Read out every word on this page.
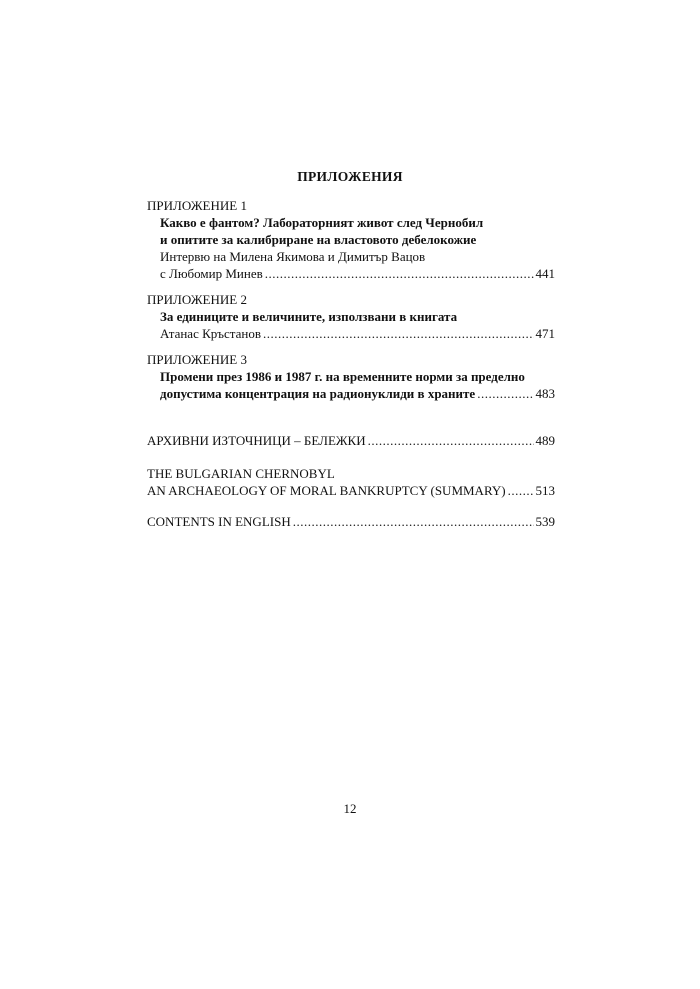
ПРИЛОЖЕНИЯ
ПРИЛОЖЕНИЕ 1
Какво е фантом? Лабораторният живот след Чернобил
и опитите за калибриране на властовото дебелокожие
Интервю на Милена Якимова и Димитър Вацов
с Любомир Минев .....	441
ПРИЛОЖЕНИЕ 2
За единиците и величините, използвани в книгата
Атанас Кръстанов .....	471
ПРИЛОЖЕНИЕ 3
Промени през 1986 и 1987 г. на временните норми за пределно
допустима концентрация на радионуклиди в храните .....	483
АРХИВНИ ИЗТОЧНИЦИ – БЕЛЕЖКИ .....	489
THE BULGARIAN CHERNOBYL
AN ARCHAEOLOGY OF MORAL BANKRUPTCY (SUMMARY) ..... 513
CONTENTS IN ENGLISH .....	539
12
